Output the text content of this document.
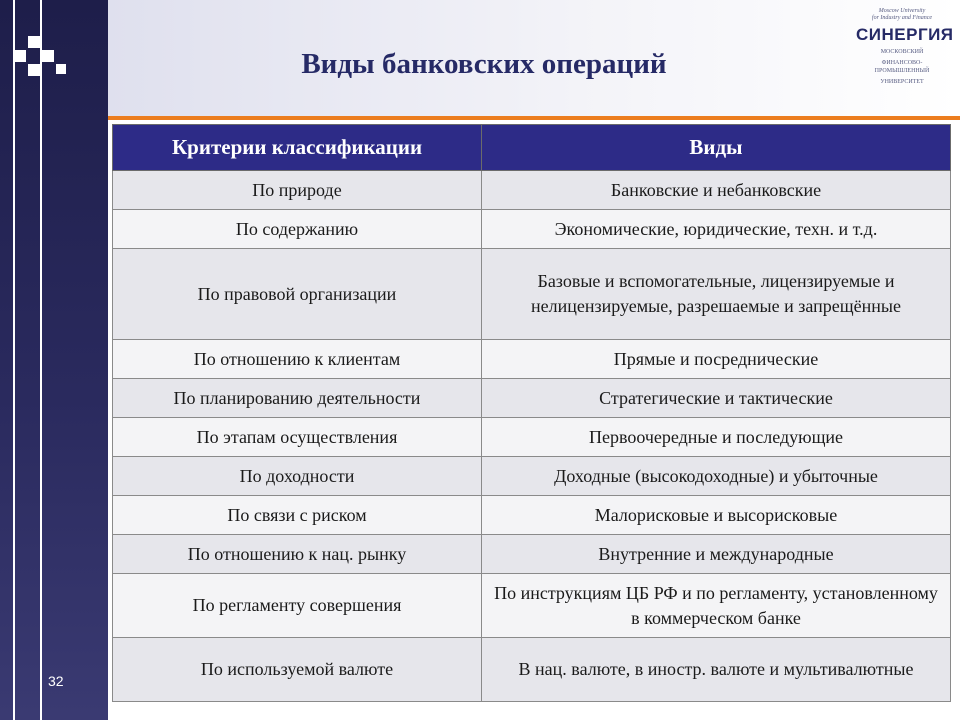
Виды банковских операций
Moscow University
for Industry and Finance
СИНЕРГИЯ
МОСКОВСКИЙ
ФИНАНСОВО-ПРОМЫШЛЕННЫЙ
УНИВЕРСИТЕТ
Критерии классификации	Виды
По природе	Банковские и небанковские
По содержанию	Экономические, юридические, техн. и т.д.
По правовой организации	Базовые и вспомогательные, лицензируемые и нелицензируемые, разрешаемые и запрещённые
По отношению к клиентам	Прямые и посреднические
По планированию деятельности	Стратегические и тактические
По этапам осуществления	Первоочередные и последующие
По доходности	Доходные (высокодоходные) и убыточные
По связи с риском	Малорисковые и высорисковые
По отношению к нац. рынку	Внутренние и международные
По регламенту совершения	По инструкциям ЦБ РФ и по регламенту, установленному в коммерческом банке
По используемой валюте	В нац. валюте, в иностр. валюте и мультивалютные
32
